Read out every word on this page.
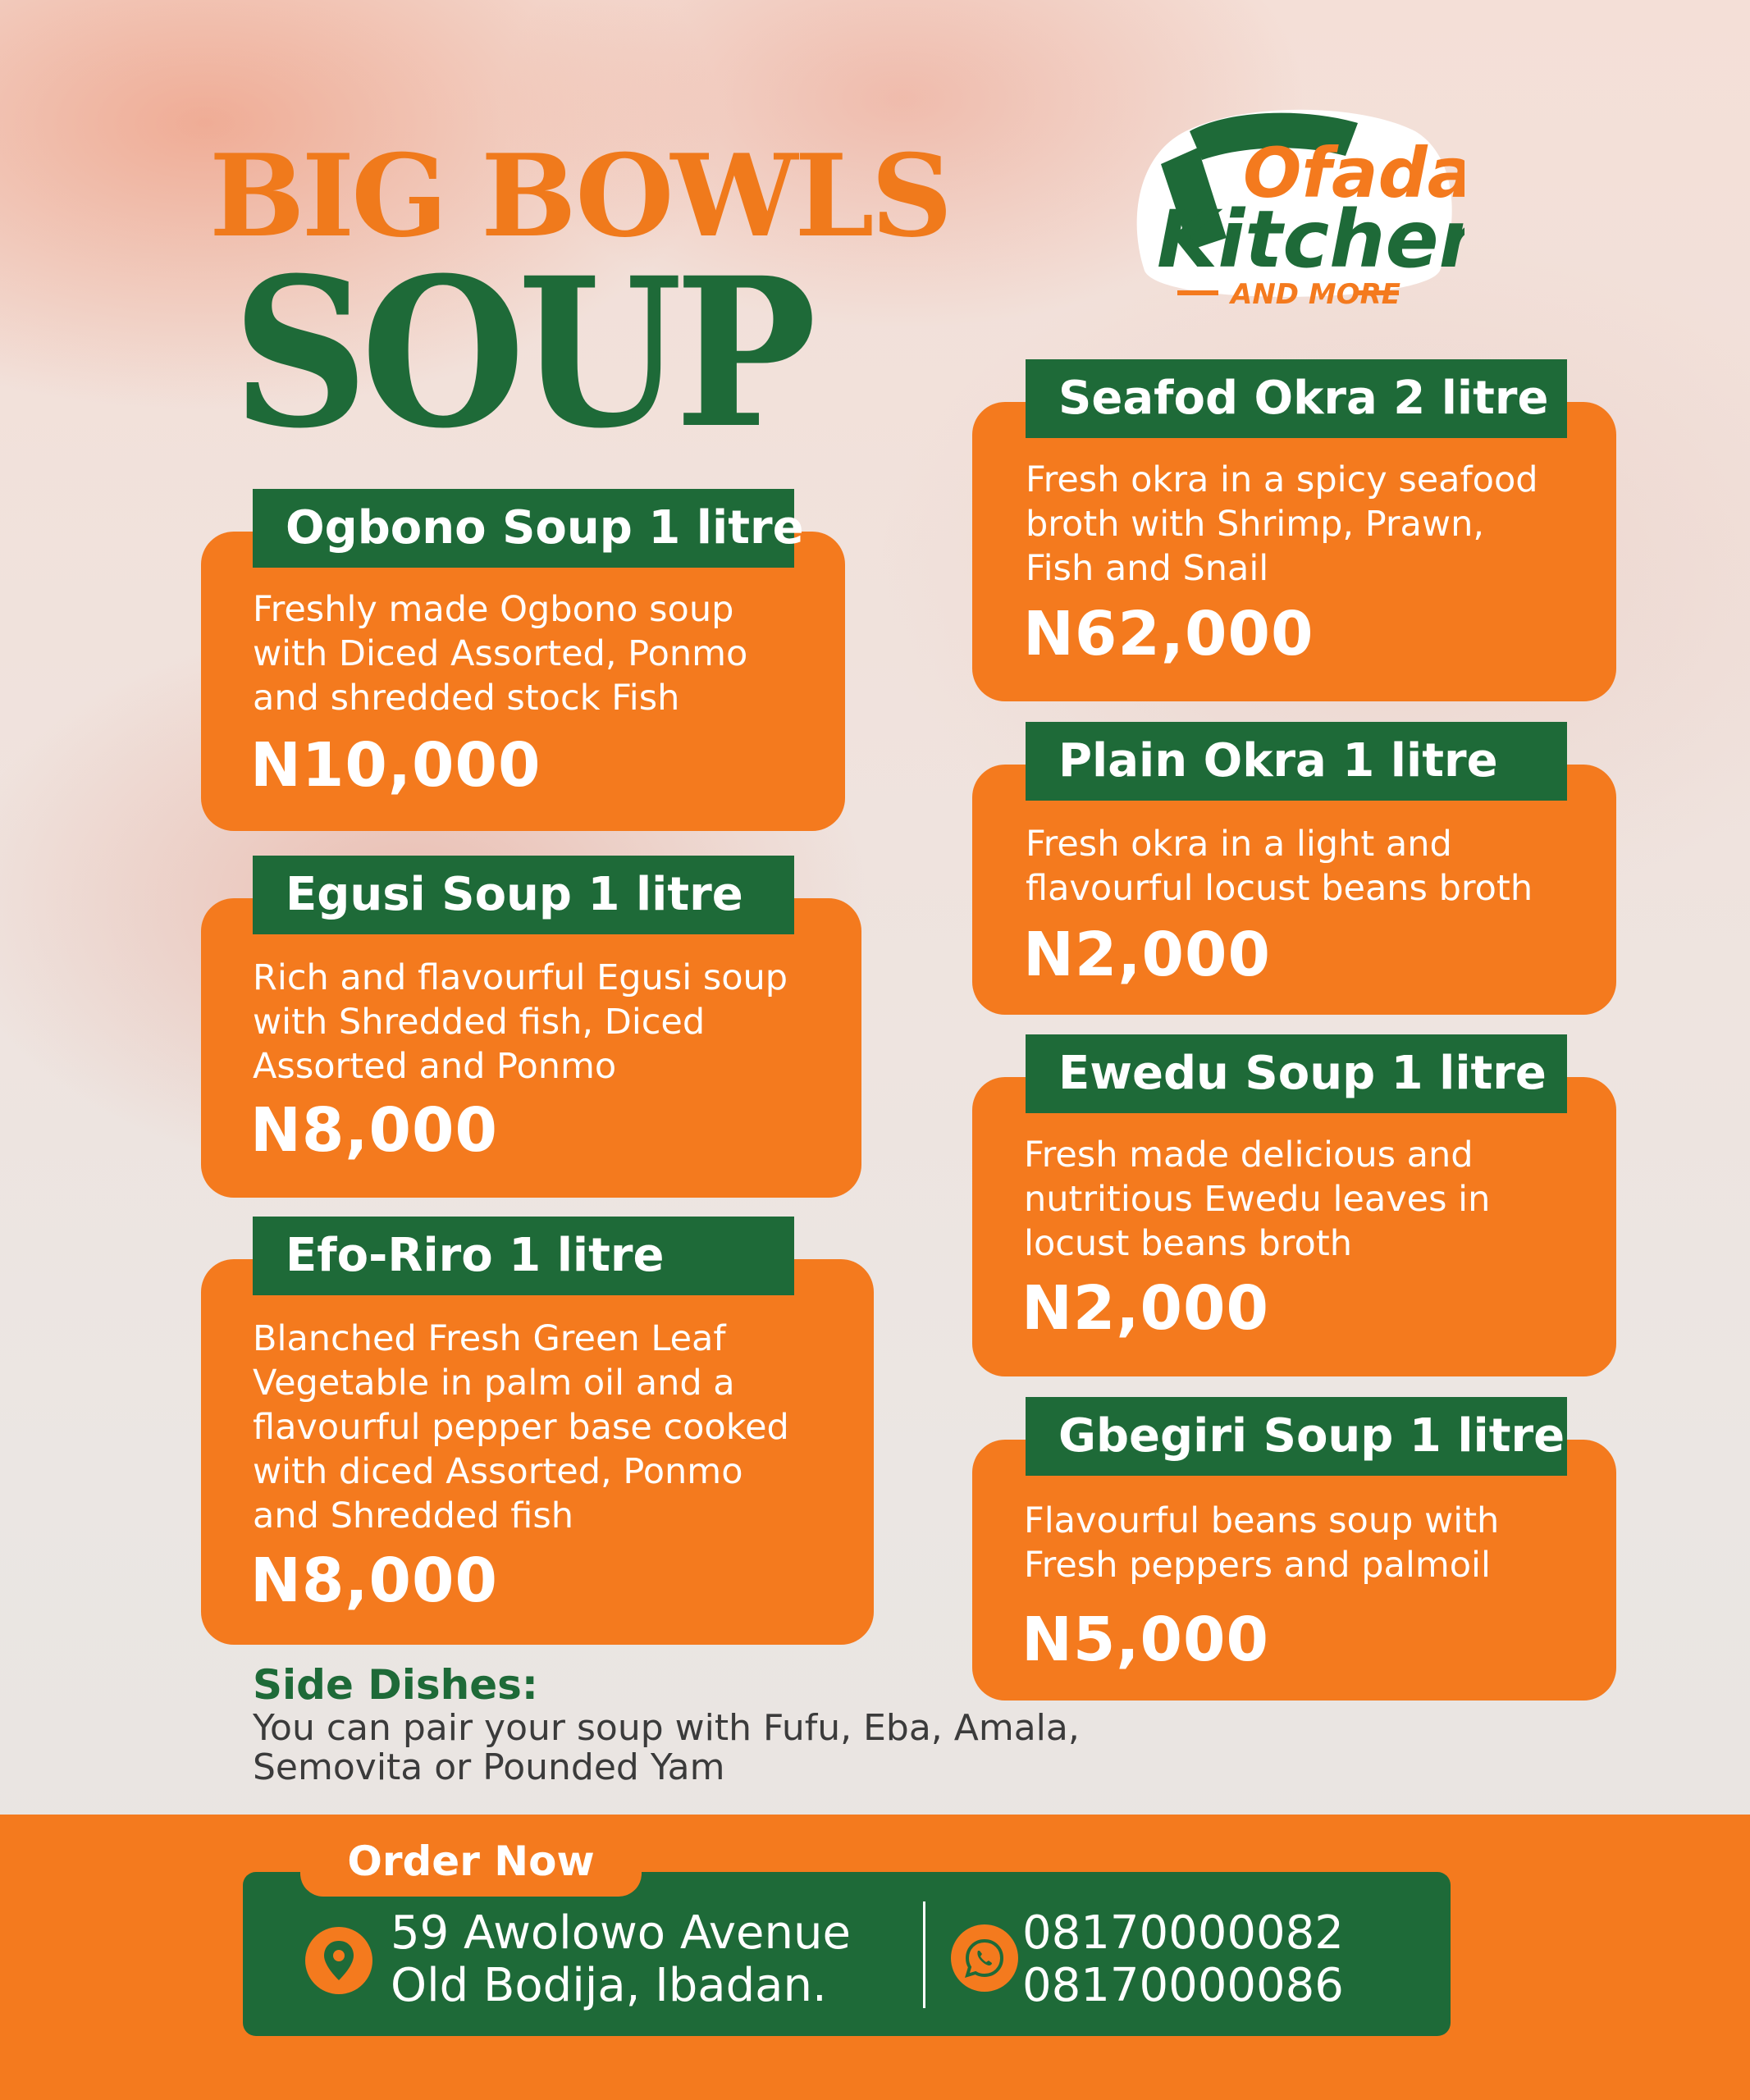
BIG BOWLS
SOUP
Ofada
Kitchen
AND MORE
Freshly made Ogbono soup
with Diced Assorted, Ponmo
and shredded stock Fish
N10,000
Ogbono Soup 1 litre
Rich and flavourful Egusi soup
with Shredded fish, Diced
Assorted and Ponmo
N8,000
Egusi Soup 1 litre
Blanched Fresh Green Leaf
Vegetable in palm oil and a
flavourful pepper base cooked
with diced Assorted, Ponmo
and Shredded fish
N8,000
Efo-Riro 1 litre
Fresh okra in a spicy seafood
broth with Shrimp, Prawn,
Fish and Snail
N62,000
Seafod Okra 2 litre
Fresh okra in a light and
flavourful locust beans broth
N2,000
Plain Okra 1 litre
Fresh made delicious and
nutritious Ewedu leaves in
locust beans broth
N2,000
Ewedu Soup 1 litre
Flavourful beans soup with
Fresh peppers and palmoil
N5,000
Gbegiri Soup 1 litre
Side Dishes:
You can pair your soup with Fufu, Eba, Amala,
Semovita or Pounded Yam
Order Now
59 Awolowo Avenue
Old Bodija, Ibadan.
08170000082
08170000086
